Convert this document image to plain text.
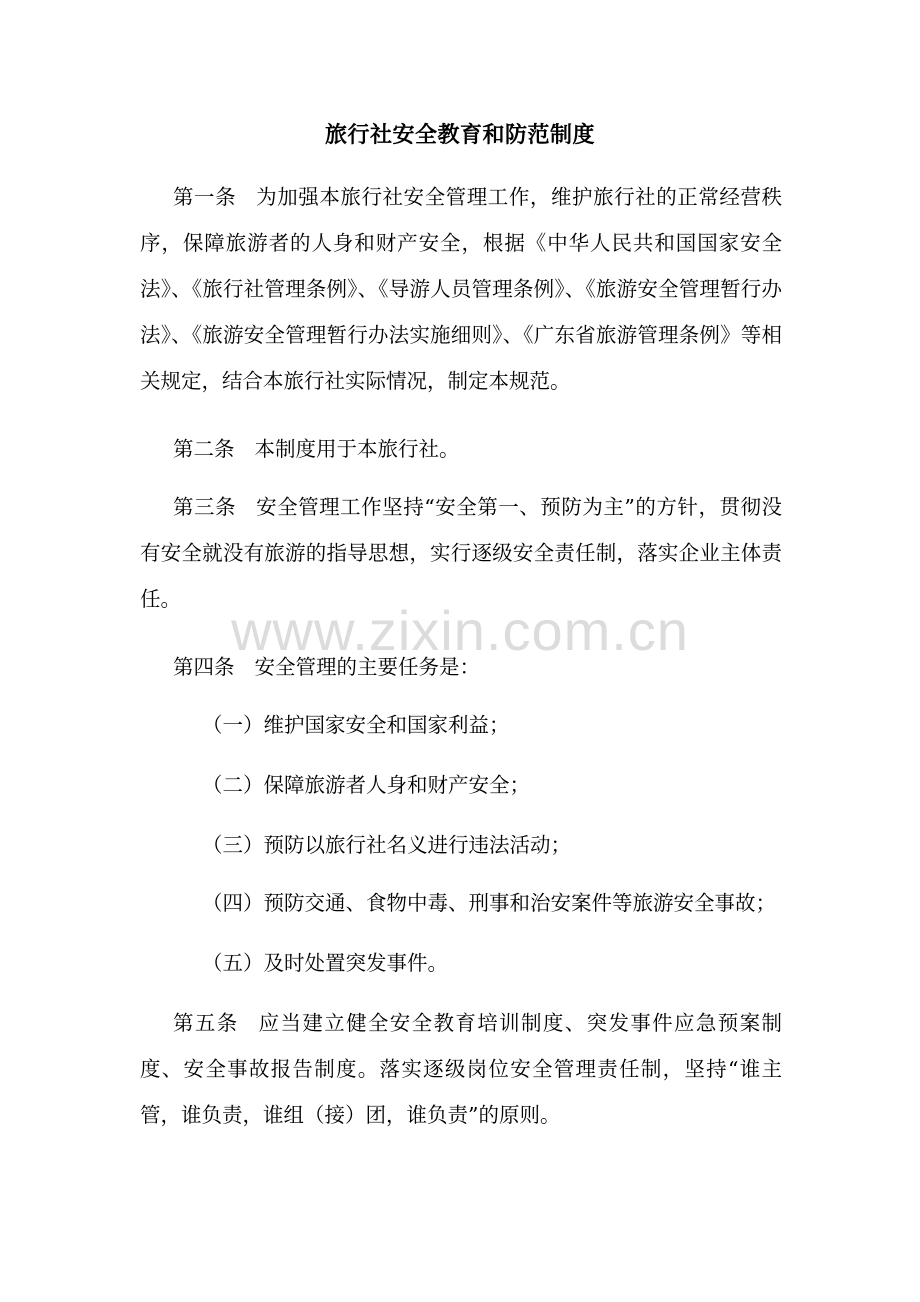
www.zixin.com.cn

旅行社安全教育和防范制度

第一条 为加强本旅行社安全管理工作，维护旅行社的正常经营秩序，保障旅游者的人身和财产安全，根据《中华人民共和国国家安全法》、《旅行社管理条例》、《导游人员管理条例》、《旅游安全管理暂行办法》、《旅游安全管理暂行办法实施细则》、《广东省旅游管理条例》等相关规定，结合本旅行社实际情况，制定本规范。

第二条 本制度用于本旅行社。

第三条 安全管理工作坚持“安全第一、预防为主”的方针，贯彻没有安全就没有旅游的指导思想，实行逐级安全责任制，落实企业主体责任。

第四条 安全管理的主要任务是：

（一）维护国家安全和国家利益；

（二）保障旅游者人身和财产安全；

（三）预防以旅行社名义进行违法活动；

（四）预防交通、食物中毒、刑事和治安案件等旅游安全事故；

（五）及时处置突发事件。

第五条 应当建立健全安全教育培训制度、突发事件应急预案制度、安全事故报告制度。落实逐级岗位安全管理责任制，坚持“谁主管，谁负责，谁组（接）团，谁负责”的原则。
